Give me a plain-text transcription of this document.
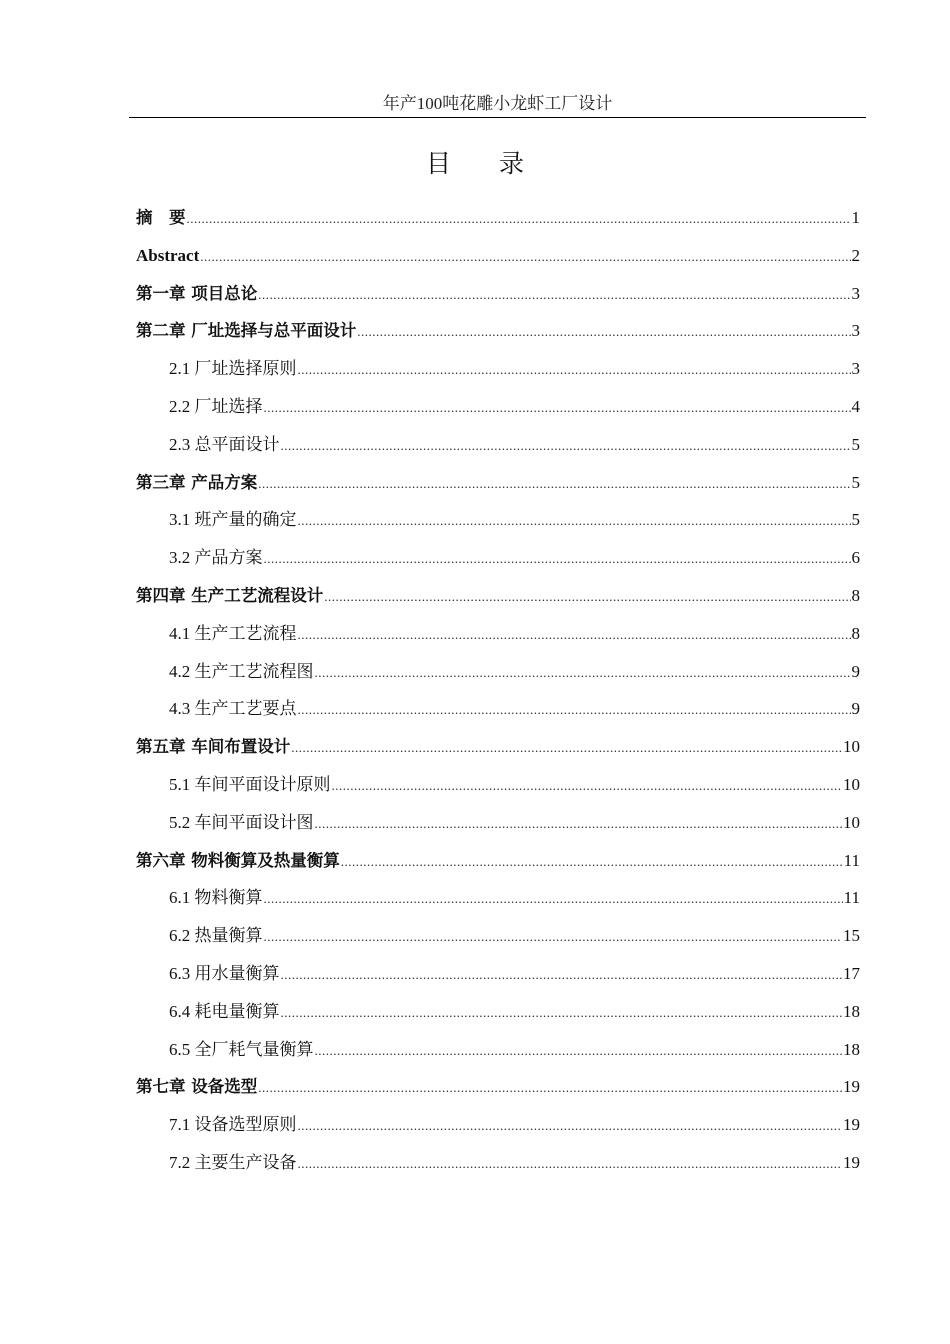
年产100吨花雕小龙虾工厂设计
目录
摘　要 .....	1
Abstract .....	2
第一章 项目总论 .....	3
第二章 厂址选择与总平面设计 .....	3
2.1 厂址选择原则 .....	3
2.2 厂址选择 .....	4
2.3 总平面设计 .....	5
第三章 产品方案 .....	5
3.1 班产量的确定 .....	5
3.2 产品方案 .....	6
第四章 生产工艺流程设计 .....	8
4.1 生产工艺流程 .....	8
4.2 生产工艺流程图 .....	9
4.3 生产工艺要点 .....	9
第五章 车间布置设计 .....	10
5.1 车间平面设计原则 .....	10
5.2 车间平面设计图 .....	10
第六章 物料衡算及热量衡算 .....	11
6.1 物料衡算 .....	11
6.2 热量衡算 .....	15
6.3 用水量衡算 .....	17
6.4 耗电量衡算 .....	18
6.5 全厂耗气量衡算 .....	18
第七章 设备选型 .....	19
7.1 设备选型原则 .....	19
7.2 主要生产设备 .....	19
